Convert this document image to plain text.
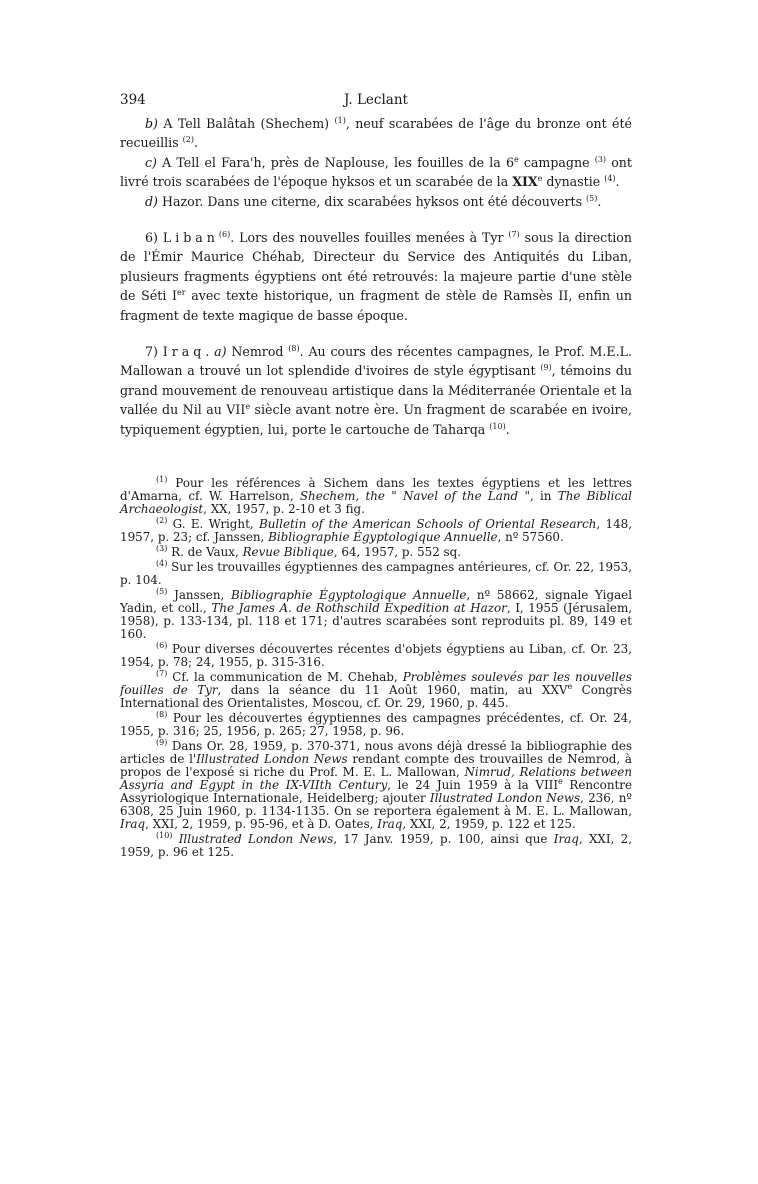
394	J. Leclant

b) A Tell Balâtah (Shechem) $^{(1)}$, neuf scarabées de l'âge du bronze ont été recueillis $^{(2)}$.

c) A Tell el Fara'h, près de Naplouse, les fouilles de la 6e campagne $^{(3)}$ ont livré trois scarabées de l'époque hyksos et un scarabée de la XIXe dynastie $^{(4)}$.

d) Hazor. Dans une citerne, dix scarabées hyksos ont été découverts $^{(5)}$.

6) Liban$^{(6)}$. Lors des nouvelles fouilles menées à Tyr $^{(7)}$ sous la direction de l'Émir Maurice Chéhab, Directeur du Service des Antiquités du Liban, plusieurs fragments égyptiens ont été retrouvés: la majeure partie d'une stèle de Séti Ier avec texte historique, un fragment de stèle de Ramsès II, enfin un fragment de texte magique de basse époque.

7) Iraq. a) Nemrod $^{(8)}$. Au cours des récentes campagnes, le Prof. M.E.L. Mallowan a trouvé un lot splendide d'ivoires de style égyptisant $^{(9)}$, témoins du grand mouvement de renouveau artistique dans la Méditerranée Orientale et la vallée du Nil au VIIe siècle avant notre ère. Un fragment de scarabée en ivoire, typiquement égyptien, lui, porte le cartouche de Taharqa $^{(10)}$.

$^{(1)}$ Pour les références à Sichem dans les textes égyptiens et les lettres d'Amarna, cf. W. Harrelson, Shechem, the " Navel of the Land ", in The Biblical Archaeologist, XX, 1957, p. 2-10 et 3 fig.

$^{(2)}$ G. E. Wright, Bulletin of the American Schools of Oriental Research, 148, 1957, p. 23; cf. Janssen, Bibliographie Égyptologique Annuelle, nº 57560.

$^{(3)}$ R. de Vaux, Revue Biblique, 64, 1957, p. 552 sq.

$^{(4)}$ Sur les trouvailles égyptiennes des campagnes antérieures, cf. Or. 22, 1953, p. 104.

$^{(5)}$ Janssen, Bibliographie Égyptologique Annuelle, nº 58662, signale Yigael Yadin, et coll., The James A. de Rothschild Expedition at Hazor, I, 1955 (Jérusalem, 1958), p. 133-134, pl. 118 et 171; d'autres scarabées sont reproduits pl. 89, 149 et 160.

$^{(6)}$ Pour diverses découvertes récentes d'objets égyptiens au Liban, cf. Or. 23, 1954, p. 78; 24, 1955, p. 315-316.

$^{(7)}$ Cf. la communication de M. Chehab, Problèmes soulevés par les nouvelles fouilles de Tyr, dans la séance du 11 Août 1960, matin, au XXVe Congrès International des Orientalistes, Moscou, cf. Or. 29, 1960, p. 445.

$^{(8)}$ Pour les découvertes égyptiennes des campagnes précédentes, cf. Or. 24, 1955, p. 316; 25, 1956, p. 265; 27, 1958, p. 96.

$^{(9)}$ Dans Or. 28, 1959, p. 370-371, nous avons déjà dressé la bibliographie des articles de l'Illustrated London News rendant compte des trouvailles de Nemrod, à propos de l'exposé si riche du Prof. M. E. L. Mallowan, Nimrud, Relations between Assyria and Egypt in the IX-VIIth Century, le 24 Juin 1959 à la VIIIe Rencontre Assyriologique Internationale, Heidelberg; ajouter Illustrated London News, 236, nº 6308, 25 Juin 1960, p. 1134-1135. On se reportera également à M. E. L. Mallowan, Iraq, XXI, 2, 1959, p. 95-96, et à D. Oates, Iraq, XXI, 2, 1959, p. 122 et 125.

$^{(10)}$ Illustrated London News, 17 Janv. 1959, p. 100, ainsi que Iraq, XXI, 2, 1959, p. 96 et 125.
